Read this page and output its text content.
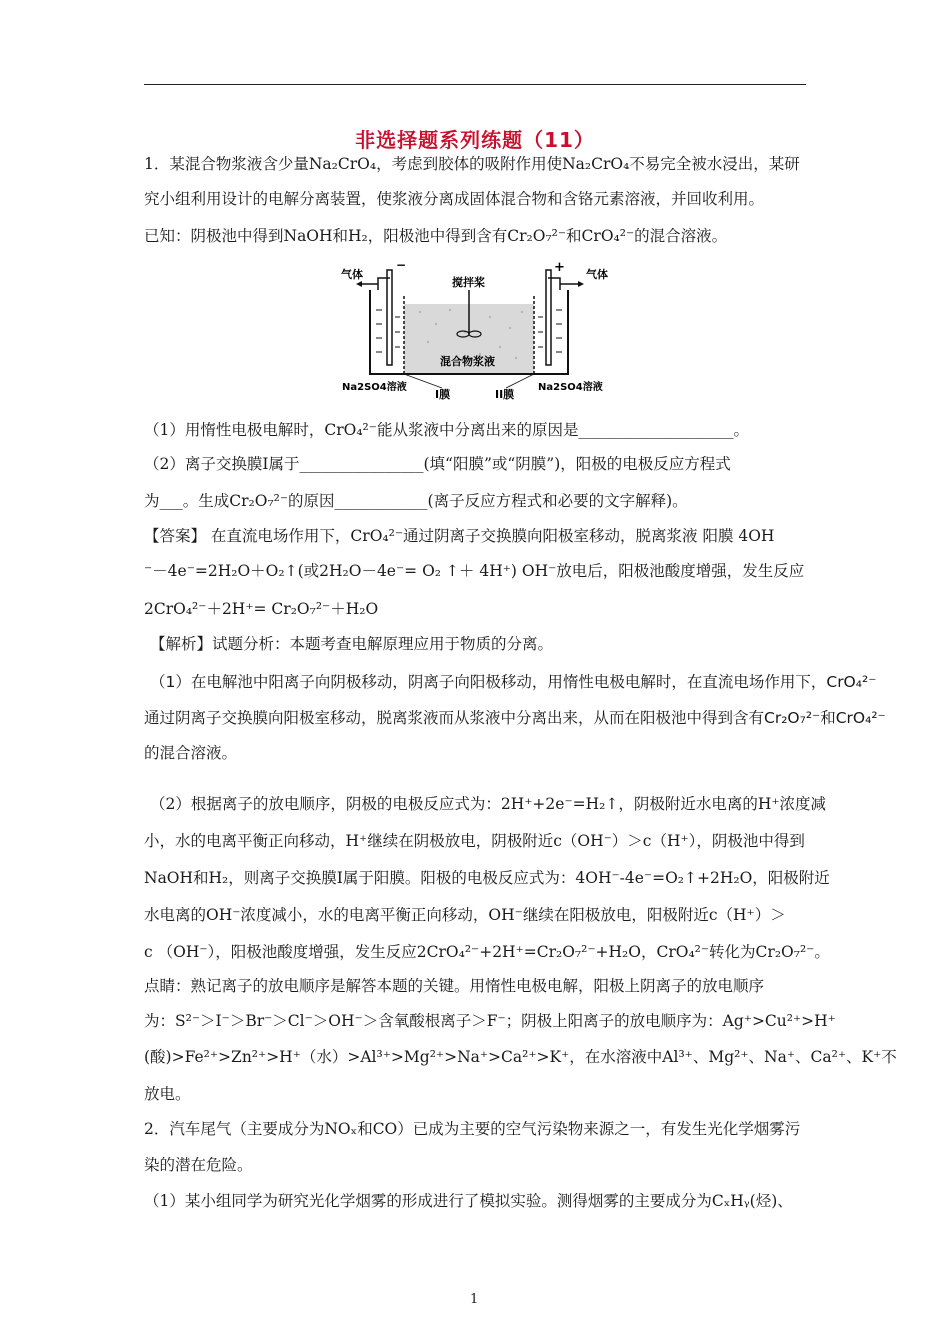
非选择题系列练题（11）
1．某混合物浆液含少量Na₂CrO₄，考虑到胶体的吸附作用使Na₂CrO₄不易完全被水浸出，某研
究小组利用设计的电解分离装置，使浆液分离成固体混合物和含铬元素溶液，并回收利用。
已知：阴极池中得到NaOH和H₂，阳极池中得到含有Cr₂O₇²⁻和CrO₄²⁻的混合溶液。
气体	气体
−	+
搅拌桨
混合物浆液
Na2SO4溶液	Na2SO4溶液
I膜	II膜
（1）用惰性电极电解时，CrO₄²⁻能从浆液中分离出来的原因是____________________。
（2）离子交换膜Ⅰ属于________________(填“阳膜”或“阴膜”)，阳极的电极反应方程式
为___。生成Cr₂O₇²⁻的原因____________(离子反应方程式和必要的文字解释)。
【答案】 在直流电场作用下，CrO₄²⁻通过阴离子交换膜向阳极室移动，脱离浆液 阳膜 4OH
⁻－4e⁻=2H₂O＋O₂↑(或2H₂O－4e⁻= O₂ ↑＋ 4H⁺) OH⁻放电后，阳极池酸度增强，发生反应
2CrO₄²⁻＋2H⁺= Cr₂O₇²⁻＋H₂O
【解析】试题分析：本题考查电解原理应用于物质的分离。
（1）在电解池中阳离子向阴极移动，阴离子向阳极移动，用惰性电极电解时，在直流电场作用下，CrO₄²⁻
通过阴离子交换膜向阳极室移动，脱离浆液而从浆液中分离出来，从而在阳极池中得到含有Cr₂O₇²⁻和CrO₄²⁻
的混合溶液。
（2）根据离子的放电顺序，阴极的电极反应式为：2H⁺+2e⁻=H₂↑，阴极附近水电离的H⁺浓度减
小，水的电离平衡正向移动，H⁺继续在阴极放电，阴极附近c（OH⁻）＞c（H⁺），阴极池中得到
NaOH和H₂，则离子交换膜Ⅰ属于阳膜。阳极的电极反应式为：4OH⁻-4e⁻=O₂↑+2H₂O，阳极附近
水电离的OH⁻浓度减小，水的电离平衡正向移动，OH⁻继续在阳极放电，阳极附近c（H⁺）＞
c （OH⁻），阳极池酸度增强，发生反应2CrO₄²⁻+2H⁺=Cr₂O₇²⁻+H₂O，CrO₄²⁻转化为Cr₂O₇²⁻。
点睛：熟记离子的放电顺序是解答本题的关键。用惰性电极电解，阳极上阴离子的放电顺序
为：S²⁻＞I⁻＞Br⁻＞Cl⁻＞OH⁻＞含氧酸根离子＞F⁻；阴极上阳离子的放电顺序为：Ag⁺>Cu²⁺>H⁺
(酸)>Fe²⁺>Zn²⁺>H⁺（水）>Al³⁺>Mg²⁺>Na⁺>Ca²⁺>K⁺，在水溶液中Al³⁺、Mg²⁺、Na⁺、Ca²⁺、K⁺不
放电。
2．汽车尾气（主要成分为NOₓ和CO）已成为主要的空气污染物来源之一，有发生光化学烟雾污
染的潜在危险。
（1）某小组同学为研究光化学烟雾的形成进行了模拟实验。测得烟雾的主要成分为CₓHᵧ(烃)、
1
